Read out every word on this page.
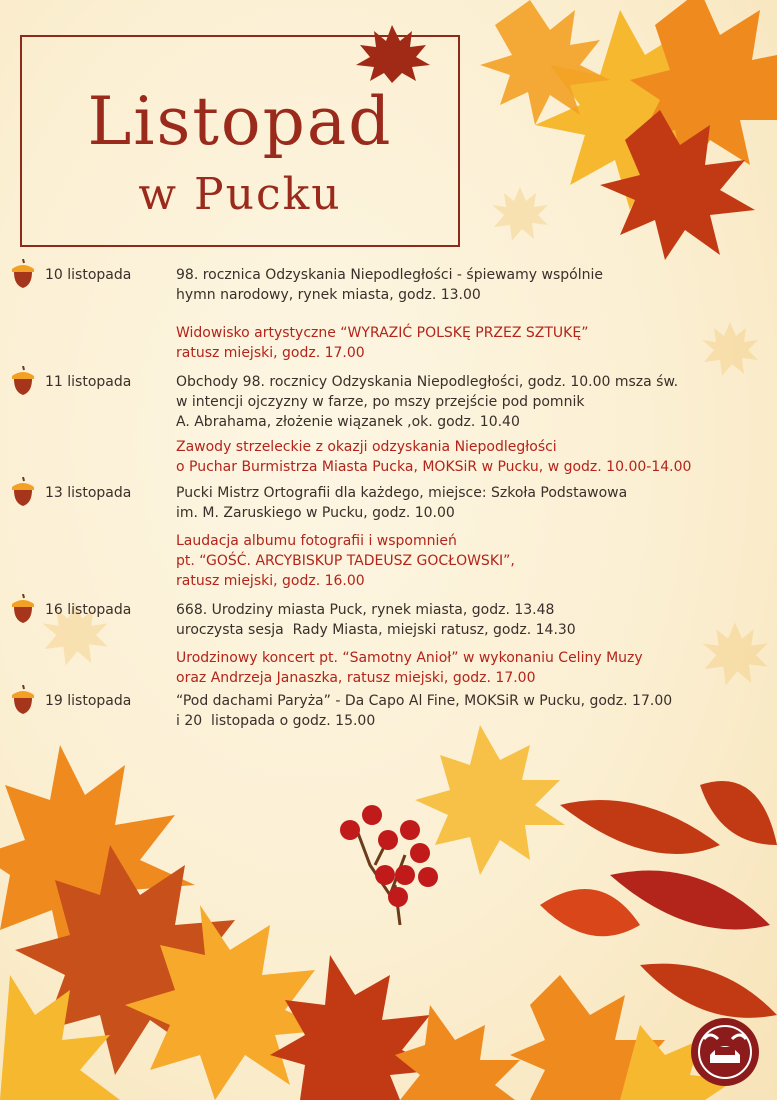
Listopad
w Pucku
10 listopada	98. rocznica Odzyskania Niepodległości - śpiewamy wspólnie
hymn narodowy, rynek miasta, godz. 13.00
Widowisko artystyczne “WYRAZIĆ POLSKĘ PRZEZ SZTUKĘ”
ratusz miejski, godz. 17.00
11 listopada	Obchody 98. rocznicy Odzyskania Niepodległości, godz. 10.00 msza św.
w intencji ojczyzny w farze, po mszy przejście pod pomnik
A. Abrahama, złożenie wiązanek ,ok. godz. 10.40
Zawody strzeleckie z okazji odzyskania Niepodległości
o Puchar Burmistrza Miasta Pucka, MOKSiR w Pucku, w godz. 10.00-14.00
13 listopada	Pucki Mistrz Ortografii dla każdego, miejsce: Szkoła Podstawowa
im. M. Zaruskiego w Pucku, godz. 10.00
Laudacja albumu fotografii i wspomnień
pt. “GOŚĆ. ARCYBISKUP TADEUSZ GOCŁOWSKI”,
ratusz miejski, godz. 16.00
16 listopada	668. Urodziny miasta Puck, rynek miasta, godz. 13.48
uroczysta sesja  Rady Miasta, miejski ratusz, godz. 14.30
Urodzinowy koncert pt. “Samotny Anioł” w wykonaniu Celiny Muzy
oraz Andrzeja Janaszka, ratusz miejski, godz. 17.00
19 listopada	“Pod dachami Paryża” - Da Capo Al Fine, MOKSiR w Pucku, godz. 17.00
i 20  listopada o godz. 15.00
